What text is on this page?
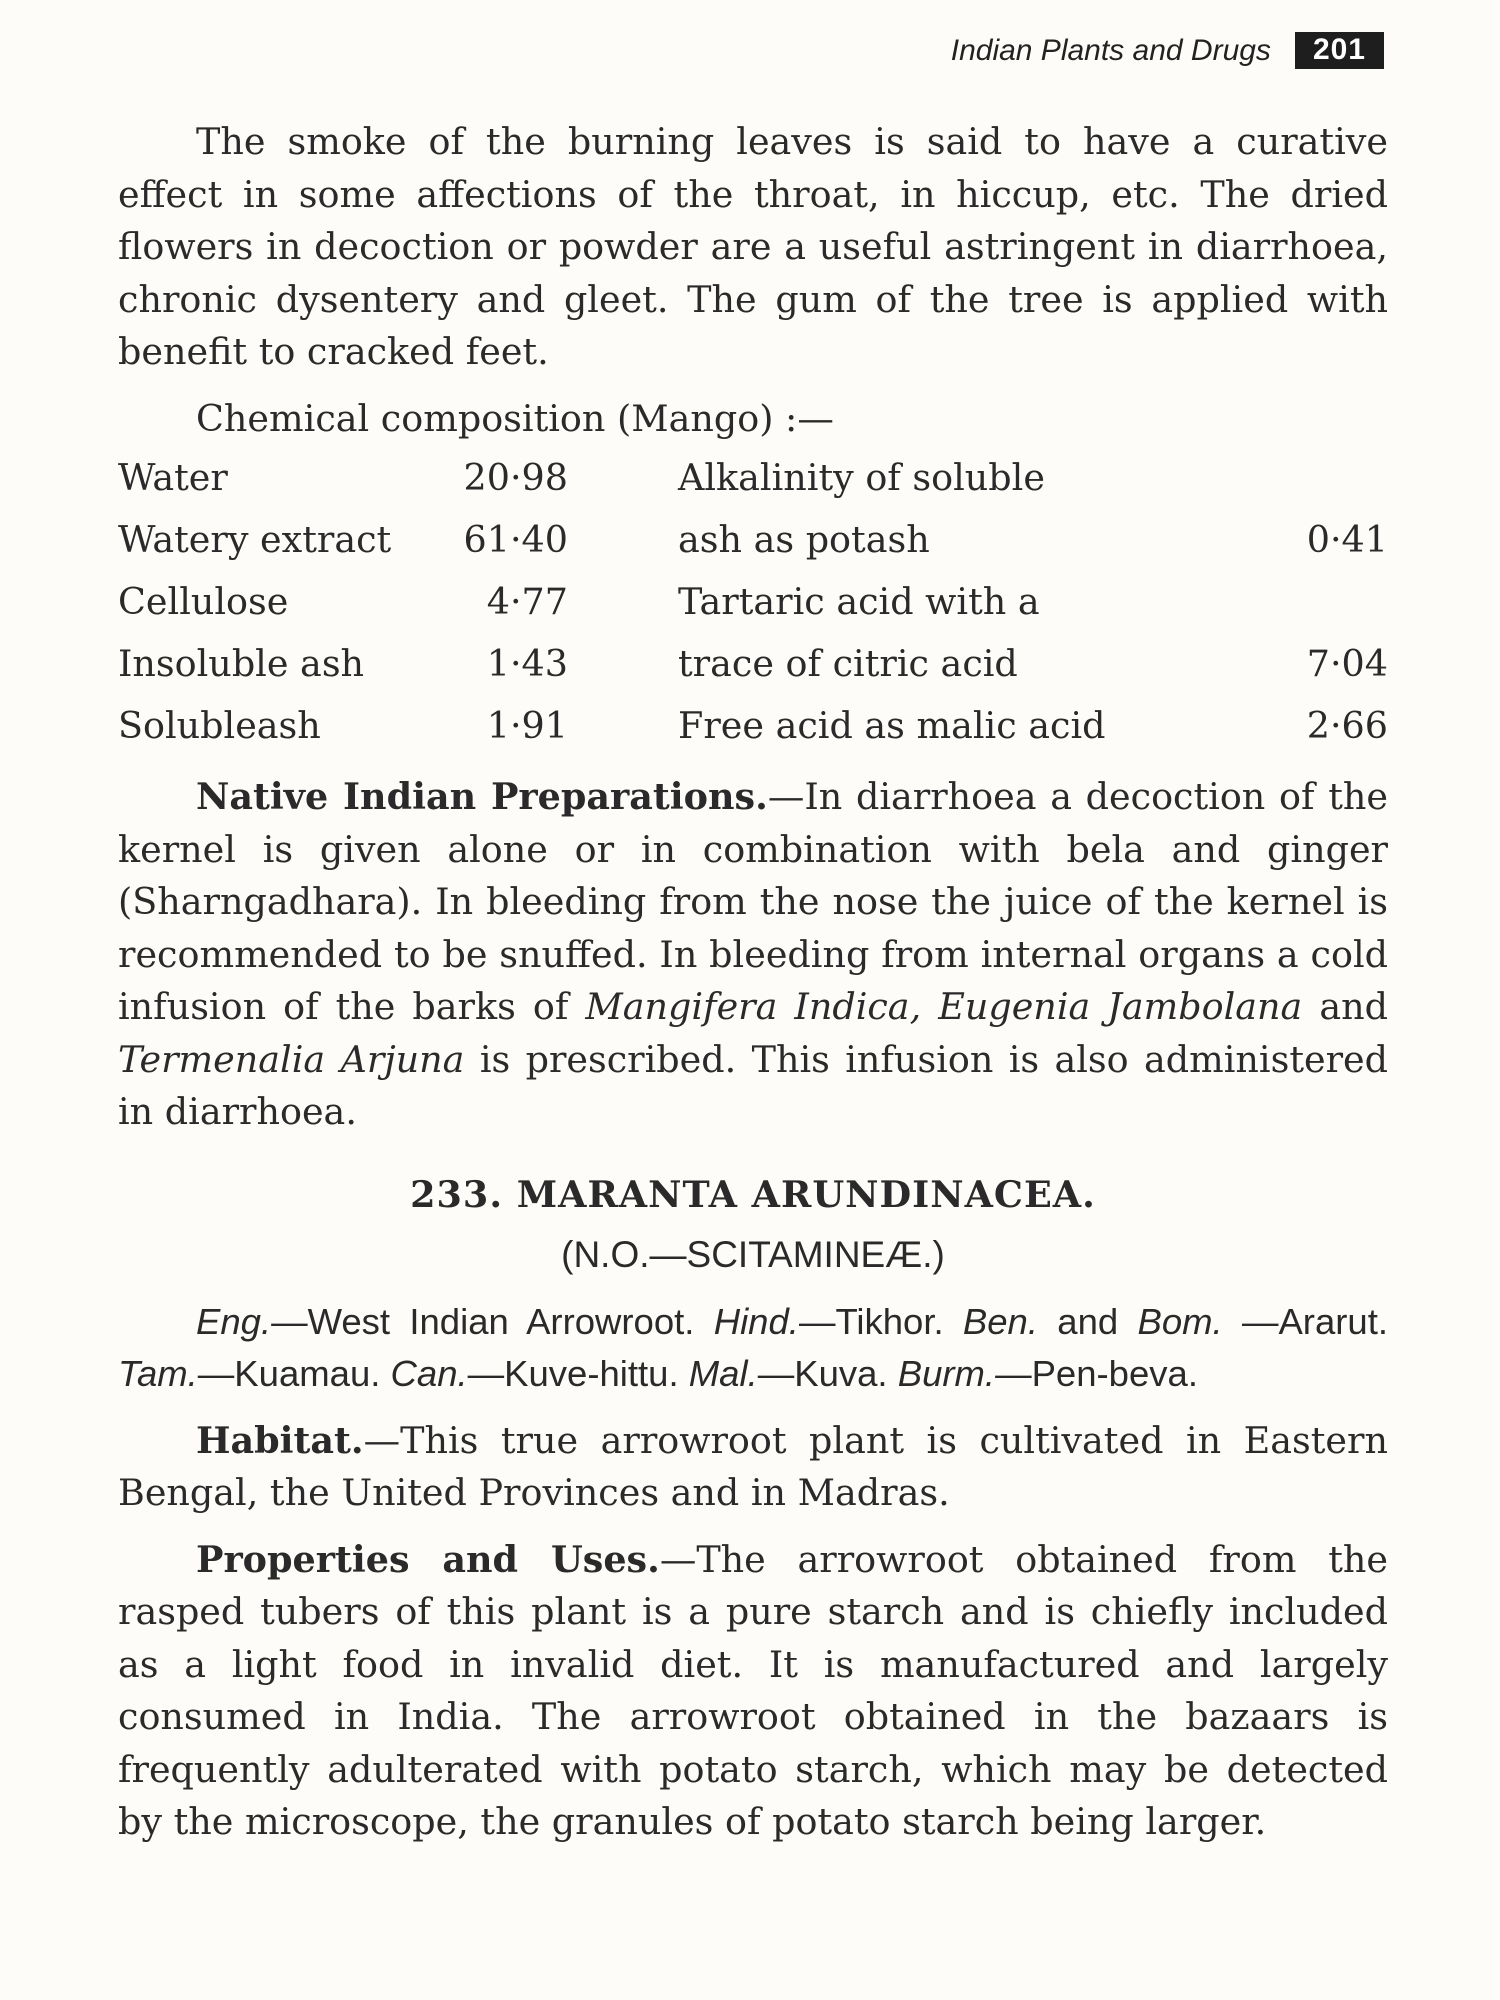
Indian Plants and Drugs	201

The smoke of the burning leaves is said to have a curative effect in some affections of the throat, in hiccup, etc. The dried flowers in decoction or powder are a useful astringent in diarrhoea, chronic dysentery and gleet. The gum of the tree is applied with benefit to cracked feet.

Chemical composition (Mango) :—

Water	20·98		Alkalinity of soluble	
Watery extract	61·40		ash as potash	0·41
Cellulose	4·77		Tartaric acid with a	
Insoluble ash	1·43		trace of citric acid	7·04
Solubleash	1·91		Free acid as malic acid	2·66

Native Indian Preparations.—In diarrhoea a decoction of the kernel is given alone or in combination with bela and ginger (Sharngadhara). In bleeding from the nose the juice of the kernel is recommended to be snuffed. In bleeding from internal organs a cold infusion of the barks of Mangifera Indica, Eugenia Jambolana and Termenalia Arjuna is prescribed. This infusion is also administered in diarrhoea.

233. MARANTA ARUNDINACEA.

(N.O.—SCITAMINEÆ.)

Eng.—West Indian Arrowroot. Hind.—Tikhor. Ben. and Bom. —Ararut. Tam.—Kuamau. Can.—Kuve-hittu. Mal.—Kuva. Burm.—Pen-beva.

Habitat.—This true arrowroot plant is cultivated in Eastern Bengal, the United Provinces and in Madras.

Properties and Uses.—The arrowroot obtained from the rasped tubers of this plant is a pure starch and is chiefly included as a light food in invalid diet. It is manufactured and largely consumed in India. The arrowroot obtained in the bazaars is frequently adulterated with potato starch, which may be detected by the microscope, the granules of potato starch being larger.
